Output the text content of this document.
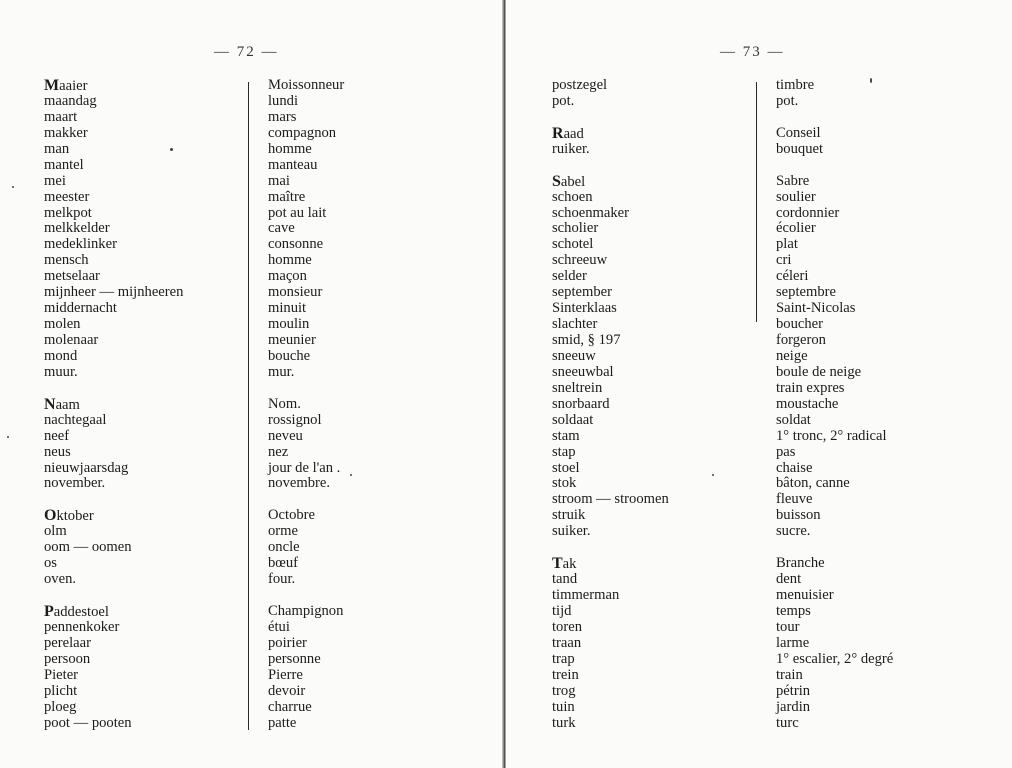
— 72 —
Maaier
maandag
maart
makker
man
mantel
mei
meester
melkpot
melkkelder
medeklinker
mensch
metselaar
mijnheer — mijnheeren
middernacht
molen
molenaar
mond
muur.
Naam
nachtegaal
neef
neus
nieuwjaarsdag
november.
Oktober
olm
oom — oomen
os
oven.
Paddestoel
pennenkoker
perelaar
persoon
Pieter
plicht
ploeg
poot — pooten
Moissonneur
lundi
mars
compagnon
homme
manteau
mai
maître
pot au lait
cave
consonne
homme
maçon
monsieur
minuit
moulin
meunier
bouche
mur.
Nom.
rossignol
neveu
nez
jour de l'an .
novembre.
Octobre
orme
oncle
bœuf
four.
Champignon
étui
poirier
personne
Pierre
devoir
charrue
patte
— 73 —
postzegel
pot.
Raad
ruiker.
Sabel
schoen
schoenmaker
scholier
schotel
schreeuw
selder
september
Sinterklaas
slachter
smid, § 197
sneeuw
sneeuwbal
sneltrein
snorbaard
soldaat
stam
stap
stoel
stok
stroom — stroomen
struik
suiker.
Tak
tand
timmerman
tijd
toren
traan
trap
trein
trog
tuin
turk
timbre
pot.
Conseil
bouquet
Sabre
soulier
cordonnier
écolier
plat
cri
céleri
septembre
Saint-Nicolas
boucher
forgeron
neige
boule de neige
train expres
moustache
soldat
1° tronc, 2° radical
pas
chaise
bâton, canne
fleuve
buisson
sucre.
Branche
dent
menuisier
temps
tour
larme
1° escalier, 2° degré
train
pétrin
jardin
turc
